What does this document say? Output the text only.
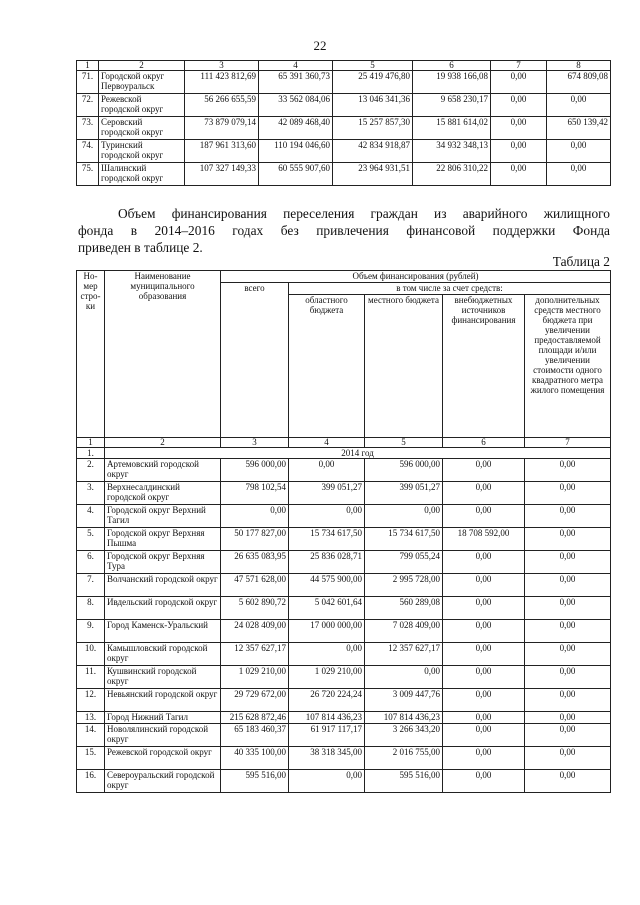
22
1	2	3	4	5	6	7	8
71.	Городской округ Первоуральск	111 423 812,69	65 391 360,73	25 419 476,80	19 938 166,08	0,00	674 809,08
72.	Режевской городской округ	56 266 655,59	33 562 084,06	13 046 341,36	9 658 230,17	0,00	0,00
73.	Серовский городской округ	73 879 079,14	42 089 468,40	15 257 857,30	15 881 614,02	0,00	650 139,42
74.	Туринский городской округ	187 961 313,60	110 194 046,60	42 834 918,87	34 932 348,13	0,00	0,00
75.	Шалинский городской округ	107 327 149,33	60 555 907,60	23 964 931,51	22 806 310,22	0,00	0,00
Объем финансирования переселения граждан из аварийного жилищного
фонда в 2014–2016 годах без привлечения финансовой поддержки Фонда
приведен в таблице 2.
Таблица 2
Но-мер стро-ки	Наименование муниципального образования	Объем финансирования (рублей)				
		всего	в том числе за счет средств:			
			областного бюджета	местного бюджета	внебюджетных источников финансирования	дополнительных средств местного бюджета при увеличении предоставляемой площади и/или увеличении стоимости одного квадратного метра жилого помещения
1	2	3	4	5	6	7
1.	2014 год					
2.	Артемовский городской округ	596 000,00	0,00	596 000,00	0,00	0,00
3.	Верхнесалдинский городской округ	798 102,54	399 051,27	399 051,27	0,00	0,00
4.	Городской округ Верхний Тагил	0,00	0,00	0,00	0,00	0,00
5.	Городской округ Верхняя Пышма	50 177 827,00	15 734 617,50	15 734 617,50	18 708 592,00	0,00
6.	Городской округ Верхняя Тура	26 635 083,95	25 836 028,71	799 055,24	0,00	0,00
7.	Волчанский городской округ	47 571 628,00	44 575 900,00	2 995 728,00	0,00	0,00
8.	Ивдельский городской округ	5 602 890,72	5 042 601,64	560 289,08	0,00	0,00
9.	Город Каменск-Уральский	24 028 409,00	17 000 000,00	7 028 409,00	0,00	0,00
10.	Камышловский городской округ	12 357 627,17	0,00	12 357 627,17	0,00	0,00
11.	Кушвинский городской округ	1 029 210,00	1 029 210,00	0,00	0,00	0,00
12.	Невьянский городской округ	29 729 672,00	26 720 224,24	3 009 447,76	0,00	0,00
13.	Город Нижний Тагил	215 628 872,46	107 814 436,23	107 814 436,23	0,00	0,00
14.	Новолялинский городской округ	65 183 460,37	61 917 117,17	3 266 343,20	0,00	0,00
15.	Режевской городской округ	40 335 100,00	38 318 345,00	2 016 755,00	0,00	0,00
16.	Североуральский городской округ	595 516,00	0,00	595 516,00	0,00	0,00
